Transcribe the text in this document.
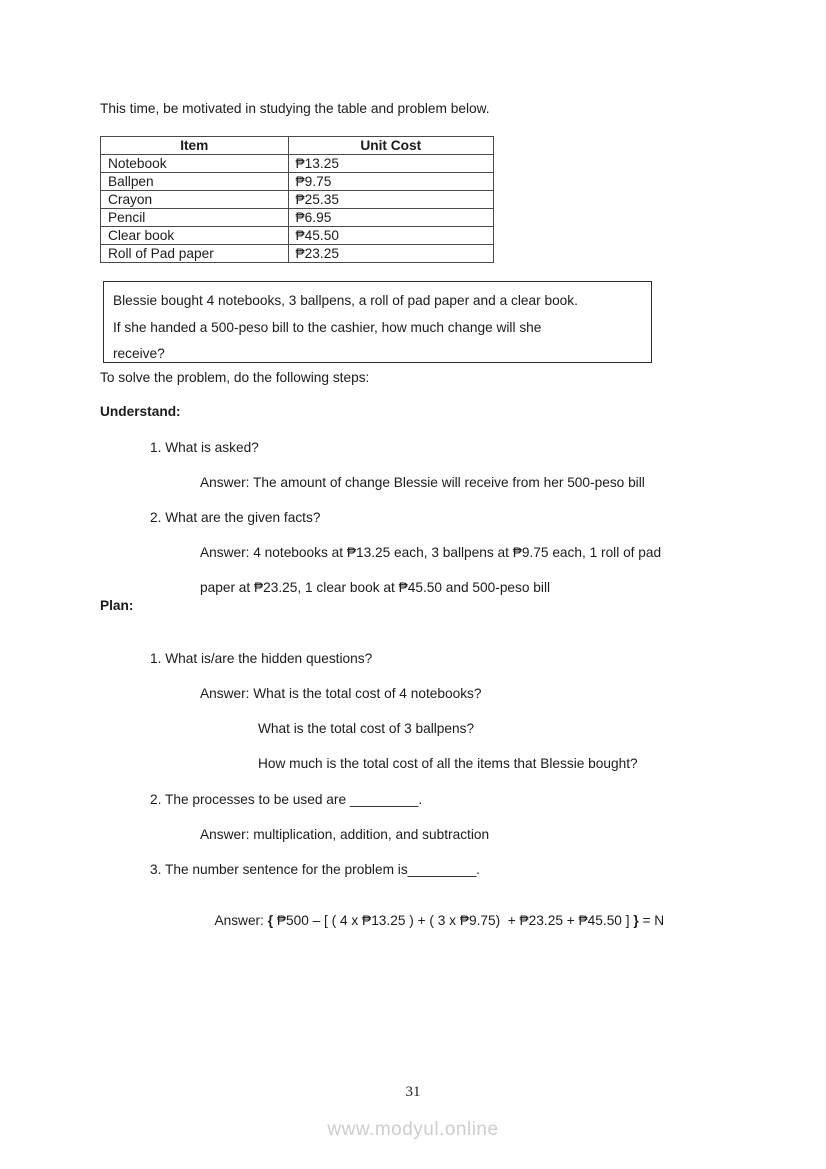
This time, be motivated in studying the table and problem below.
Item	Unit Cost
Notebook	₱13.25
Ballpen	₱9.75
Crayon	₱25.35
Pencil	₱6.95
Clear book	₱45.50
Roll of Pad paper	₱23.25
Blessie bought 4 notebooks, 3 ballpens, a roll of pad paper and a clear book.
If she handed a 500-peso bill to the cashier, how much change will she
receive?
To solve the problem, do the following steps:
Understand:
1. What is asked?
Answer: The amount of change Blessie will receive from her 500-peso bill
2. What are the given facts?
Answer: 4 notebooks at ₱13.25 each, 3 ballpens at ₱9.75 each, 1 roll of pad
paper at ₱23.25, 1 clear book at ₱45.50 and 500-peso bill
Plan:
1. What is/are the hidden questions?
Answer: What is the total cost of 4 notebooks?
What is the total cost of 3 ballpens?
How much is the total cost of all the items that Blessie bought?
2. The processes to be used are _________.
Answer: multiplication, addition, and subtraction
3. The number sentence for the problem is_________.

Answer: { ₱500 – [ ( 4 x ₱13.25 ) + ( 3 x ₱9.75)  + ₱23.25 + ₱45.50 ] } = N

31
www.modyul.online
